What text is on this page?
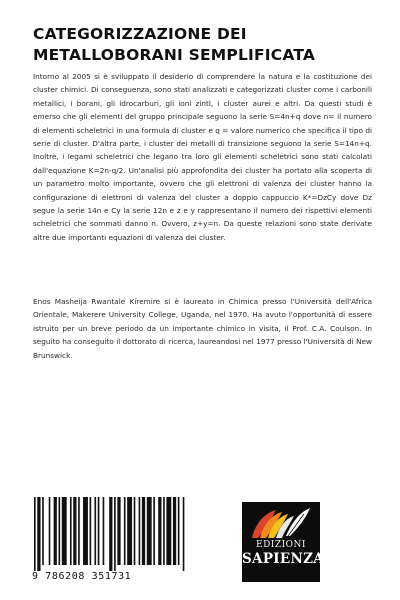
CATEGORIZZAZIONE DEI
METALLOBORANI SEMPLIFICATA
Intorno al 2005 si è sviluppato il desiderio di comprendere la natura e la costituzione dei cluster chimici. Di conseguenza, sono stati analizzati e categorizzati cluster come i carbonili metallici, i borani, gli idrocarburi, gli ioni zintl, i cluster aurei e altri. Da questi studi è emerso che gli elementi del gruppo principale seguono la serie S=4n+q dove n= il numero di elementi scheletrici in una formula di cluster e q = valore numerico che specifica il tipo di serie di cluster. D'altra parte, i cluster dei metalli di transizione seguono la serie S=14n+q. Inoltre, i legami scheletrici che legano tra loro gli elementi scheletrici sono stati calcolati dall'equazione K=2n-q/2. Un'analisi più approfondita dei cluster ha portato alla scoperta di un parametro molto importante, ovvero che gli elettroni di valenza dei cluster hanno la configurazione di elettroni di valenza del cluster a doppio cappuccio K*=DzCy dove Dz segue la serie 14n e Cy la serie 12n e z e y rappresentano il numero dei rispettivi elementi scheletrici che sommati danno n. Ovvero, z+y=n. Da queste relazioni sono state derivate altre due importanti equazioni di valenza dei cluster.
Enos Masheija Rwantale Kiremire si è laureato in Chimica presso l'Università dell'Africa Orientale, Makerere University College, Uganda, nel 1970. Ha avuto l'opportunità di essere istruito per un breve periodo da un importante chimico in visita, il Prof. C.A. Coulson. In seguito ha conseguito il dottorato di ricerca, laureandosi nel 1977 presso l'Università di New Brunswick.
9 786208 351731
EDIZIONI
SAPIENZA
